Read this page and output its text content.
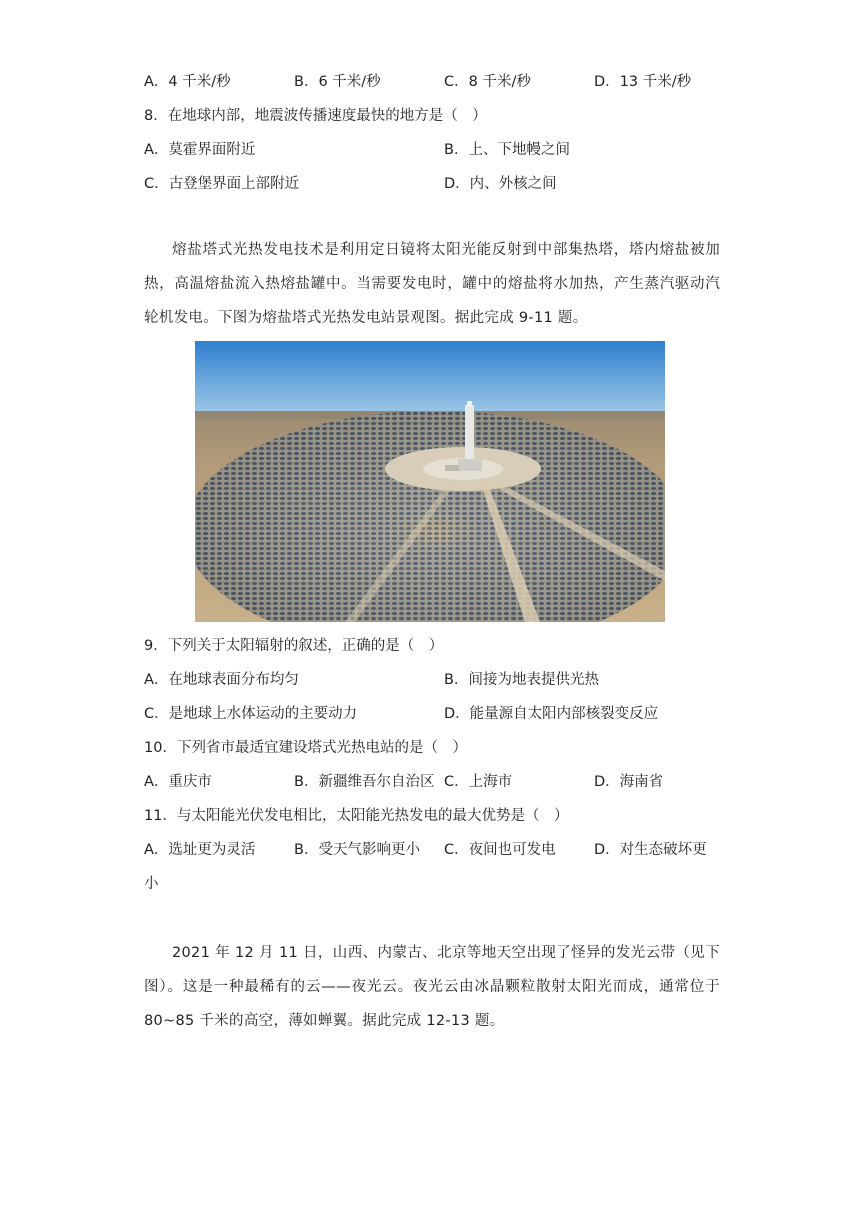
A．4 千米/秒	B．6 千米/秒	C．8 千米/秒	D．13 千米/秒
8．在地球内部，地震波传播速度最快的地方是（　）
A．莫霍界面附近	B．上、下地幔之间
C．古登堡界面上部附近	D．内、外核之间
熔盐塔式光热发电技术是利用定日镜将太阳光能反射到中部集热塔，塔内熔盐被加热，高温熔盐流入热熔盐罐中。当需要发电时，罐中的熔盐将水加热，产生蒸汽驱动汽轮机发电。下图为熔盐塔式光热发电站景观图。据此完成 9-11 题。
9．下列关于太阳辐射的叙述，正确的是（　）
A．在地球表面分布均匀	B．间接为地表提供光热
C．是地球上水体运动的主要动力	D．能量源自太阳内部核裂变反应
10．下列省市最适宜建设塔式光热电站的是（　）
A．重庆市	B．新疆维吾尔自治区 C．上海市	D．海南省
11．与太阳能光伏发电相比，太阳能光热发电的最大优势是（　）
A．选址更为灵活	B．受天气影响更小 C．夜间也可发电	D．对生态破坏更
小
2021 年 12 月 11 日，山西、内蒙古、北京等地天空出现了怪异的发光云带（见下图）。这是一种最稀有的云——夜光云。夜光云由冰晶颗粒散射太阳光而成，通常位于 80~85 千米的高空，薄如蝉翼。据此完成 12-13 题。
